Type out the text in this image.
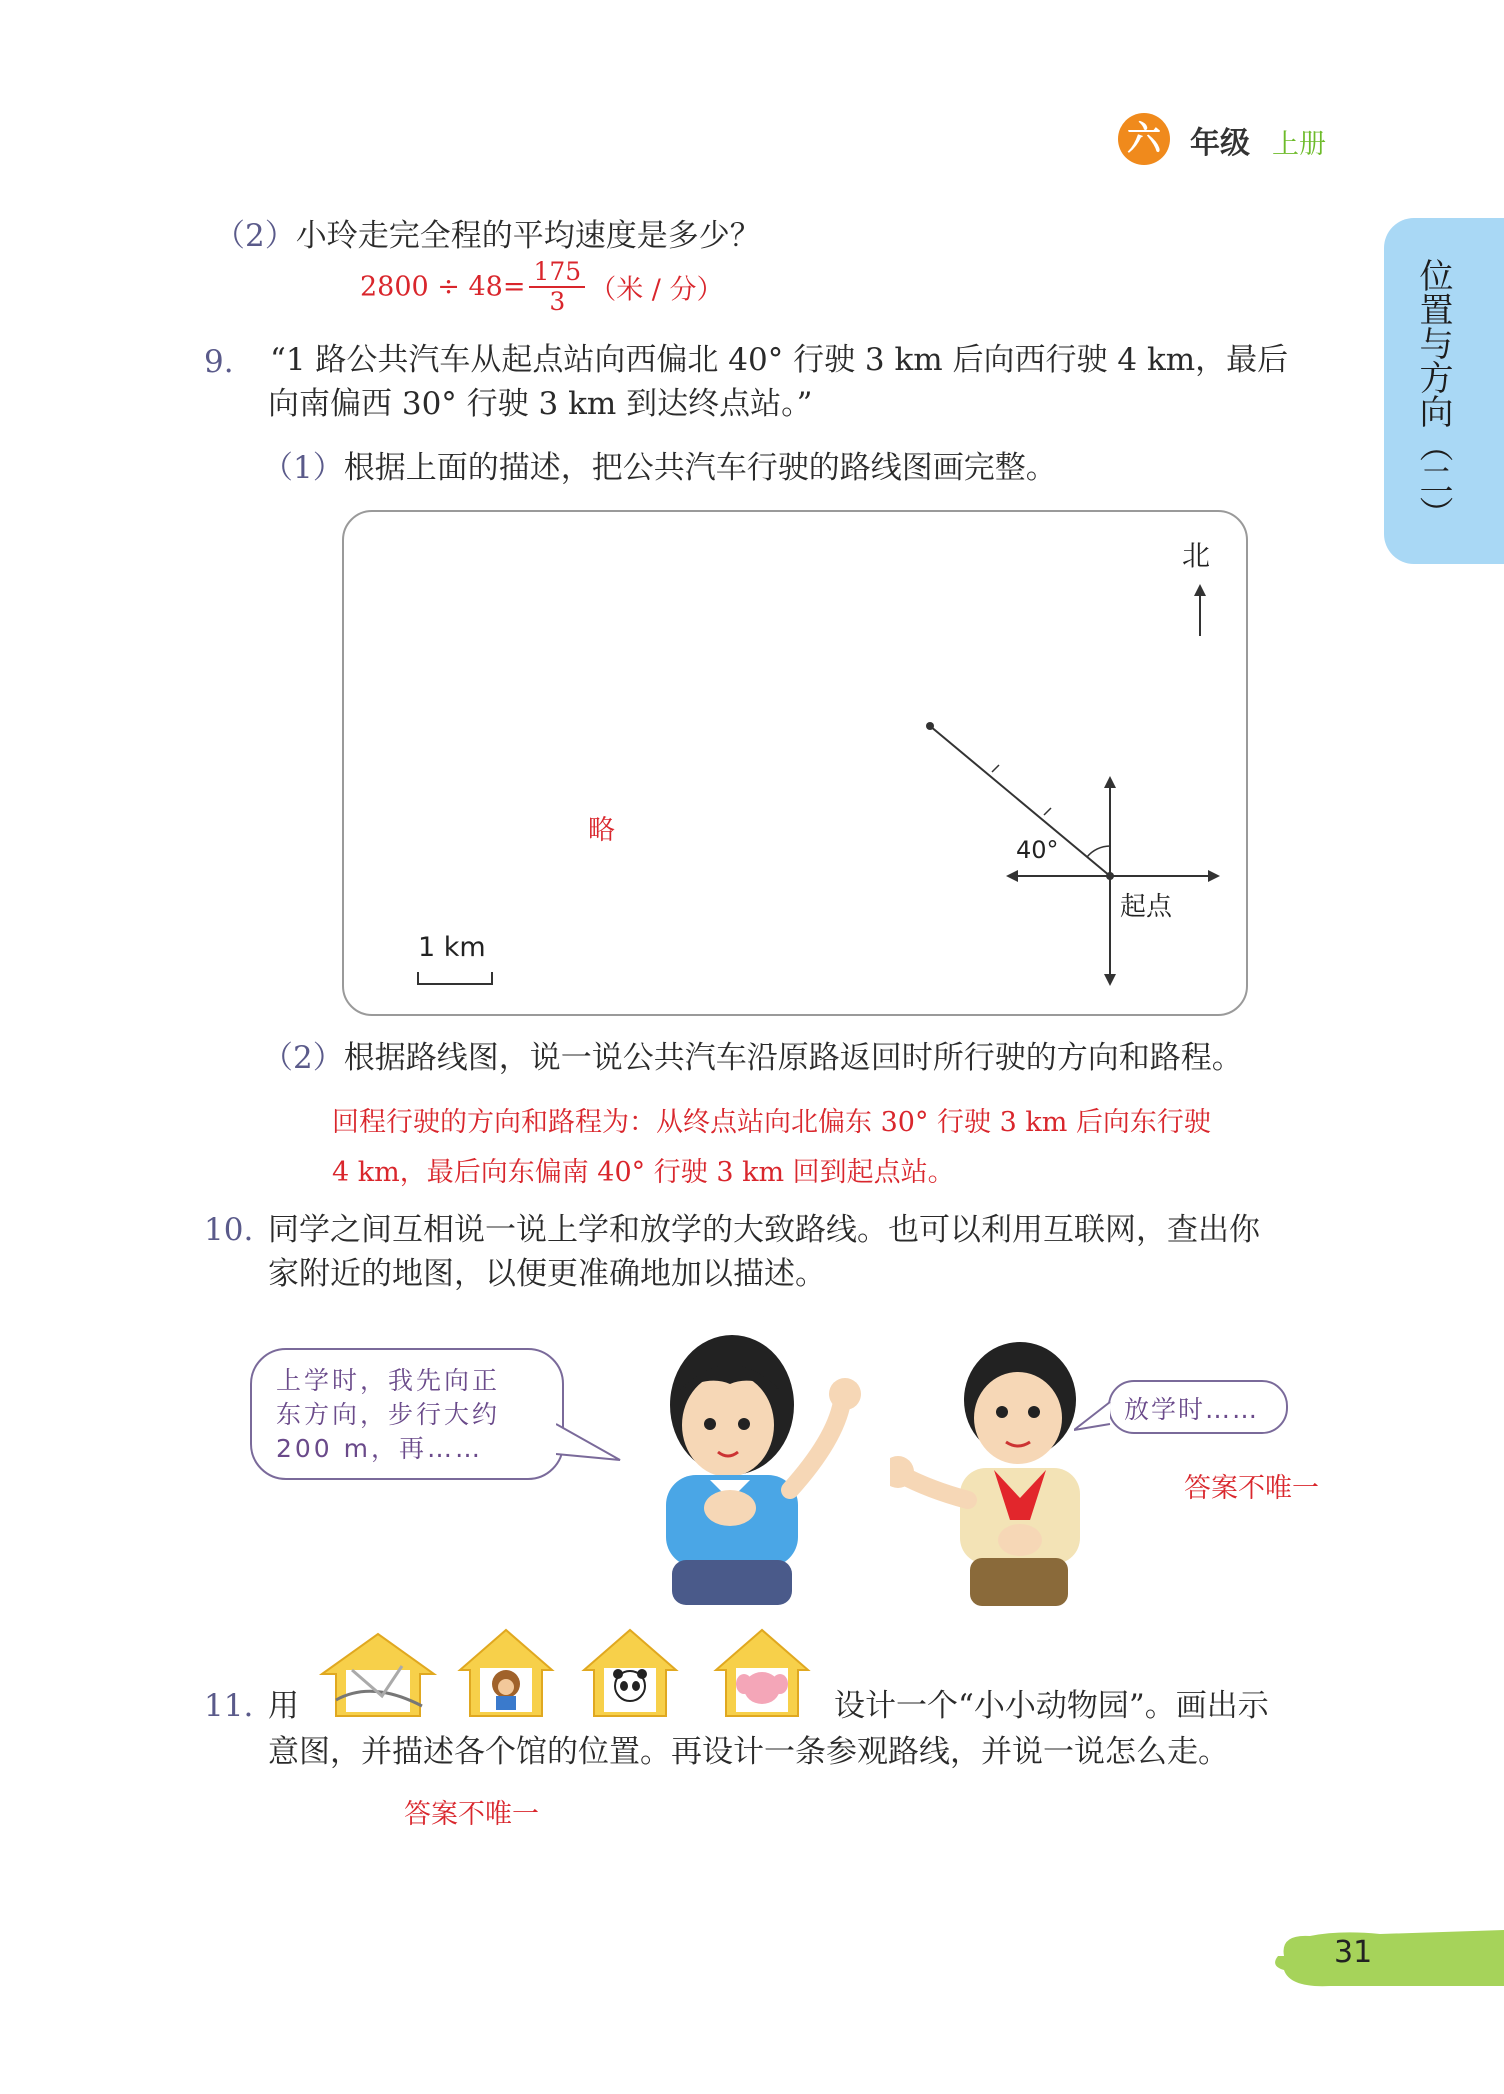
六 年级 上册
位置与方向（二）
（2）小玲走完全程的平均速度是多少？
$2800 \div 48= \frac{175}{3}$ （米 / 分）
9. “1 路公共汽车从起点站向西偏北 40° 行驶 3 km 后向西行驶 4 km，最后
向南偏西 30° 行驶 3 km 到达终点站。”
（1）根据上面的描述，把公共汽车行驶的路线图画完整。
北
40°
起点
1 km
略
（2）根据路线图，说一说公共汽车沿原路返回时所行驶的方向和路程。
回程行驶的方向和路程为：从终点站向北偏东 30° 行驶 3 km 后向东行驶
4 km，最后向东偏南 40° 行驶 3 km 回到起点站。
10. 同学之间互相说一说上学和放学的大致路线。也可以利用互联网，查出你
家附近的地图，以便更准确地加以描述。
上学时，我先向正
东方向，步行大约
200 m，再……
放学时……
答案不唯一
11. 用	设计一个“小小动物园”。画出示
意图，并描述各个馆的位置。再设计一条参观路线，并说一说怎么走。
答案不唯一
31
